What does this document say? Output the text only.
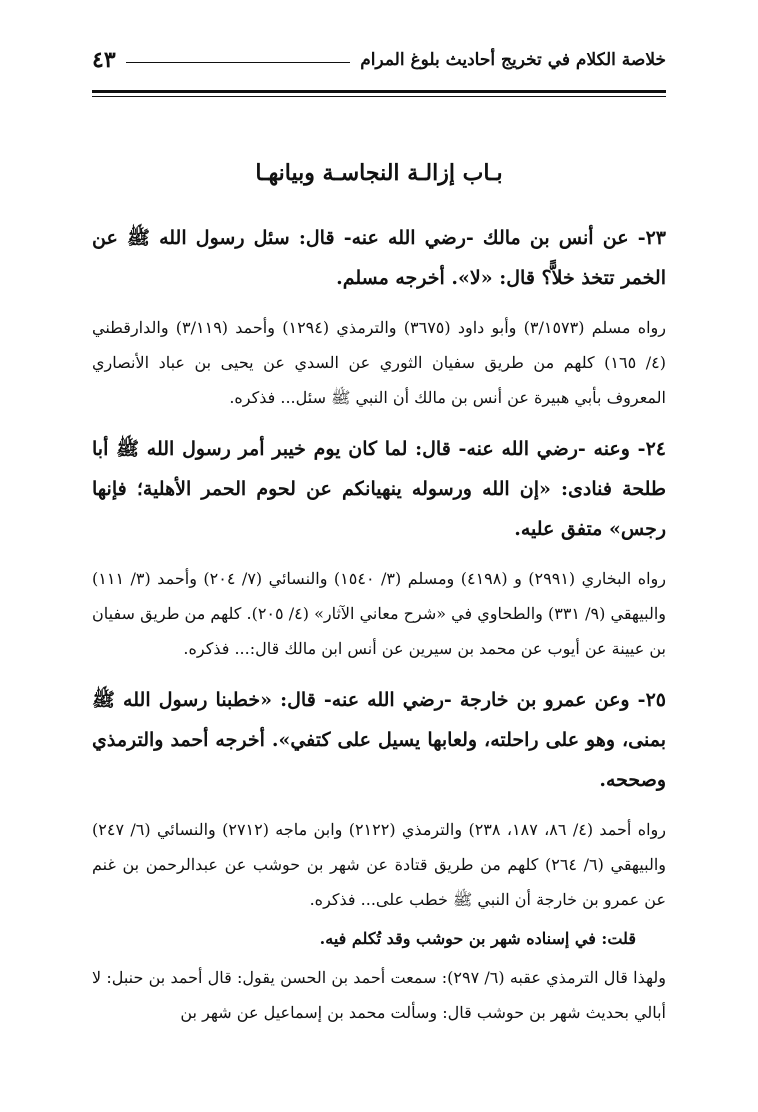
خلاصة الكلام في تخريج أحاديث بلوغ المرام
٤٣
بـاب إزالـة النجاسـة وبيانهـا

٢٣- عن أنس بن مالك -رضي الله عنه- قال: سئل رسول الله ﷺ عن الخمر تتخذ خلاًّ؟ قال: «لا». أخرجه مسلم.

رواه مسلم (٣/١٥٧٣) وأبو داود (٣٦٧٥) والترمذي (١٢٩٤) وأحمد (٣/١١٩) والدارقطني (٤/ ١٦٥) كلهم من طريق سفيان الثوري عن السدي عن يحيى بن عباد الأنصاري المعروف بأبي هبيرة عن أنس بن مالك أن النبي ﷺ سئل... فذكره.

٢٤- وعنه -رضي الله عنه- قال: لما كان يوم خيبر أمر رسول الله ﷺ أبا طلحة فنادى: «إن الله ورسوله ينهيانكم عن لحوم الحمر الأهلية؛ فإنها رجس» متفق عليه.

رواه البخاري (٢٩٩١) و (٤١٩٨) ومسلم (٣/ ١٥٤٠) والنسائي (٧/ ٢٠٤) وأحمد (٣/ ١١١) والبيهقي (٩/ ٣٣١) والطحاوي في «شرح معاني الآثار» (٤/ ٢٠٥). كلهم من طريق سفيان بن عيينة عن أيوب عن محمد بن سيرين عن أنس ابن مالك قال:... فذكره.

٢٥- وعن عمرو بن خارجة -رضي الله عنه- قال: «خطبنا رسول الله ﷺ بمنى، وهو على راحلته، ولعابها يسيل على كتفي». أخرجه أحمد والترمذي وصححه.

رواه أحمد (٤/ ٨٦، ١٨٧، ٢٣٨) والترمذي (٢١٢٢) وابن ماجه (٢٧١٢) والنسائي (٦/ ٢٤٧) والبيهقي (٦/ ٢٦٤) كلهم من طريق قتادة عن شهر بن حوشب عن عبدالرحمن بن غنم عن عمرو بن خارجة أن النبي ﷺ خطب على... فذكره.

قلت: في إسناده شهر بن حوشب وقد تُكلم فيه.

ولهذا قال الترمذي عقبه (٦/ ٢٩٧): سمعت أحمد بن الحسن يقول: قال أحمد بن حنبل: لا أبالي بحديث شهر بن حوشب قال: وسألت محمد بن إسماعيل عن شهر بن
